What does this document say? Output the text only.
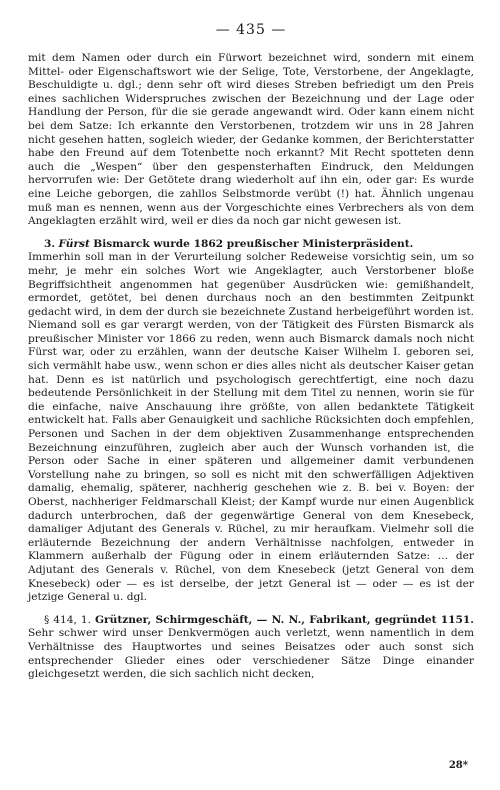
— 435 —

mit dem Namen oder durch ein Fürwort bezeichnet wird, sondern mit einem Mittel- oder Eigenschaftswort wie der Selige, Tote, Verstorbene, der Angeklagte, Beschuldigte u. dgl.; denn sehr oft wird dieses Streben befriedigt um den Preis eines sachlichen Widerspruches zwischen der Bezeichnung und der Lage oder Handlung der Person, für die sie gerade angewandt wird. Oder kann einem nicht bei dem Satze: Ich erkannte den Verstorbenen, trotzdem wir uns in 28 Jahren nicht gesehen hatten, sogleich wieder, der Gedanke kommen, der Berichterstatter habe den Freund auf dem Totenbette noch erkannt? Mit Recht spotteten denn auch die „Wespen“ über den gespensterhaften Eindruck, den Meldungen hervorrufen wie: Der Getötete drang wiederholt auf ihn ein, oder gar: Es wurde eine Leiche geborgen, die zahllos Selbstmorde verübt (!) hat. Ähnlich ungenau muß man es nennen, wenn aus der Vorgeschichte eines Verbrechers als von dem Angeklagten erzählt wird, weil er dies da noch gar nicht gewesen ist.

3. Fürst Bismarck wurde 1862 preußischer Ministerpräsident.

Immerhin soll man in der Verurteilung solcher Redeweise vorsichtig sein, um so mehr, je mehr ein solches Wort wie Angeklagter, auch Verstorbener bloße Begriffsichtheit angenommen hat gegenüber Ausdrücken wie: gemißhandelt, ermordet, getötet, bei denen durchaus noch an den bestimmten Zeitpunkt gedacht wird, in dem der durch sie bezeichnete Zustand herbeigeführt worden ist. Niemand soll es gar verargt werden, von der Tätigkeit des Fürsten Bismarck als preußischer Minister vor 1866 zu reden, wenn auch Bismarck damals noch nicht Fürst war, oder zu erzählen, wann der deutsche Kaiser Wilhelm I. geboren sei, sich vermählt habe usw., wenn schon er dies alles nicht als deutscher Kaiser getan hat. Denn es ist natürlich und psychologisch gerechtfertigt, eine noch dazu bedeutende Persönlichkeit in der Stellung mit dem Titel zu nennen, worin sie für die einfache, naive Anschauung ihre größte, von allen bedanktete Tätigkeit entwickelt hat. Falls aber Genauigkeit und sachliche Rücksichten doch empfehlen, Personen und Sachen in der dem objektiven Zusammenhange entsprechenden Bezeichnung einzuführen, zugleich aber auch der Wunsch vorhanden ist, die Person oder Sache in einer späteren und allgemeiner damit verbundenen Vorstellung nahe zu bringen, so soll es nicht mit den schwerfälligen Adjektiven damalig, ehemalig, späterer, nachherig geschehen wie z. B. bei v. Boyen: der Oberst, nachheriger Feldmarschall Kleist; der Kampf wurde nur einen Augenblick dadurch unterbrochen, daß der gegenwärtige General von dem Knesebeck, damaliger Adjutant des Generals v. Rüchel, zu mir heraufkam. Vielmehr soll die erläuternde Bezeichnung der andern Verhältnisse nachfolgen, entweder in Klammern außerhalb der Fügung oder in einem erläuternden Satze: … der Adjutant des Generals v. Rüchel, von dem Knesebeck (jetzt General von dem Knesebeck) oder — es ist derselbe, der jetzt General ist — oder — es ist der jetzige General u. dgl.

§ 414, 1. Grützner, Schirmgeschäft, — N. N., Fabrikant, gegründet 1151. Sehr schwer wird unser Denkvermögen auch verletzt, wenn namentlich in dem Verhältnisse des Hauptwortes und seines Beisatzes oder auch sonst sich entsprechender Glieder eines oder verschiedener Sätze Dinge einander gleichgesetzt werden, die sich sachlich nicht decken,

28*
